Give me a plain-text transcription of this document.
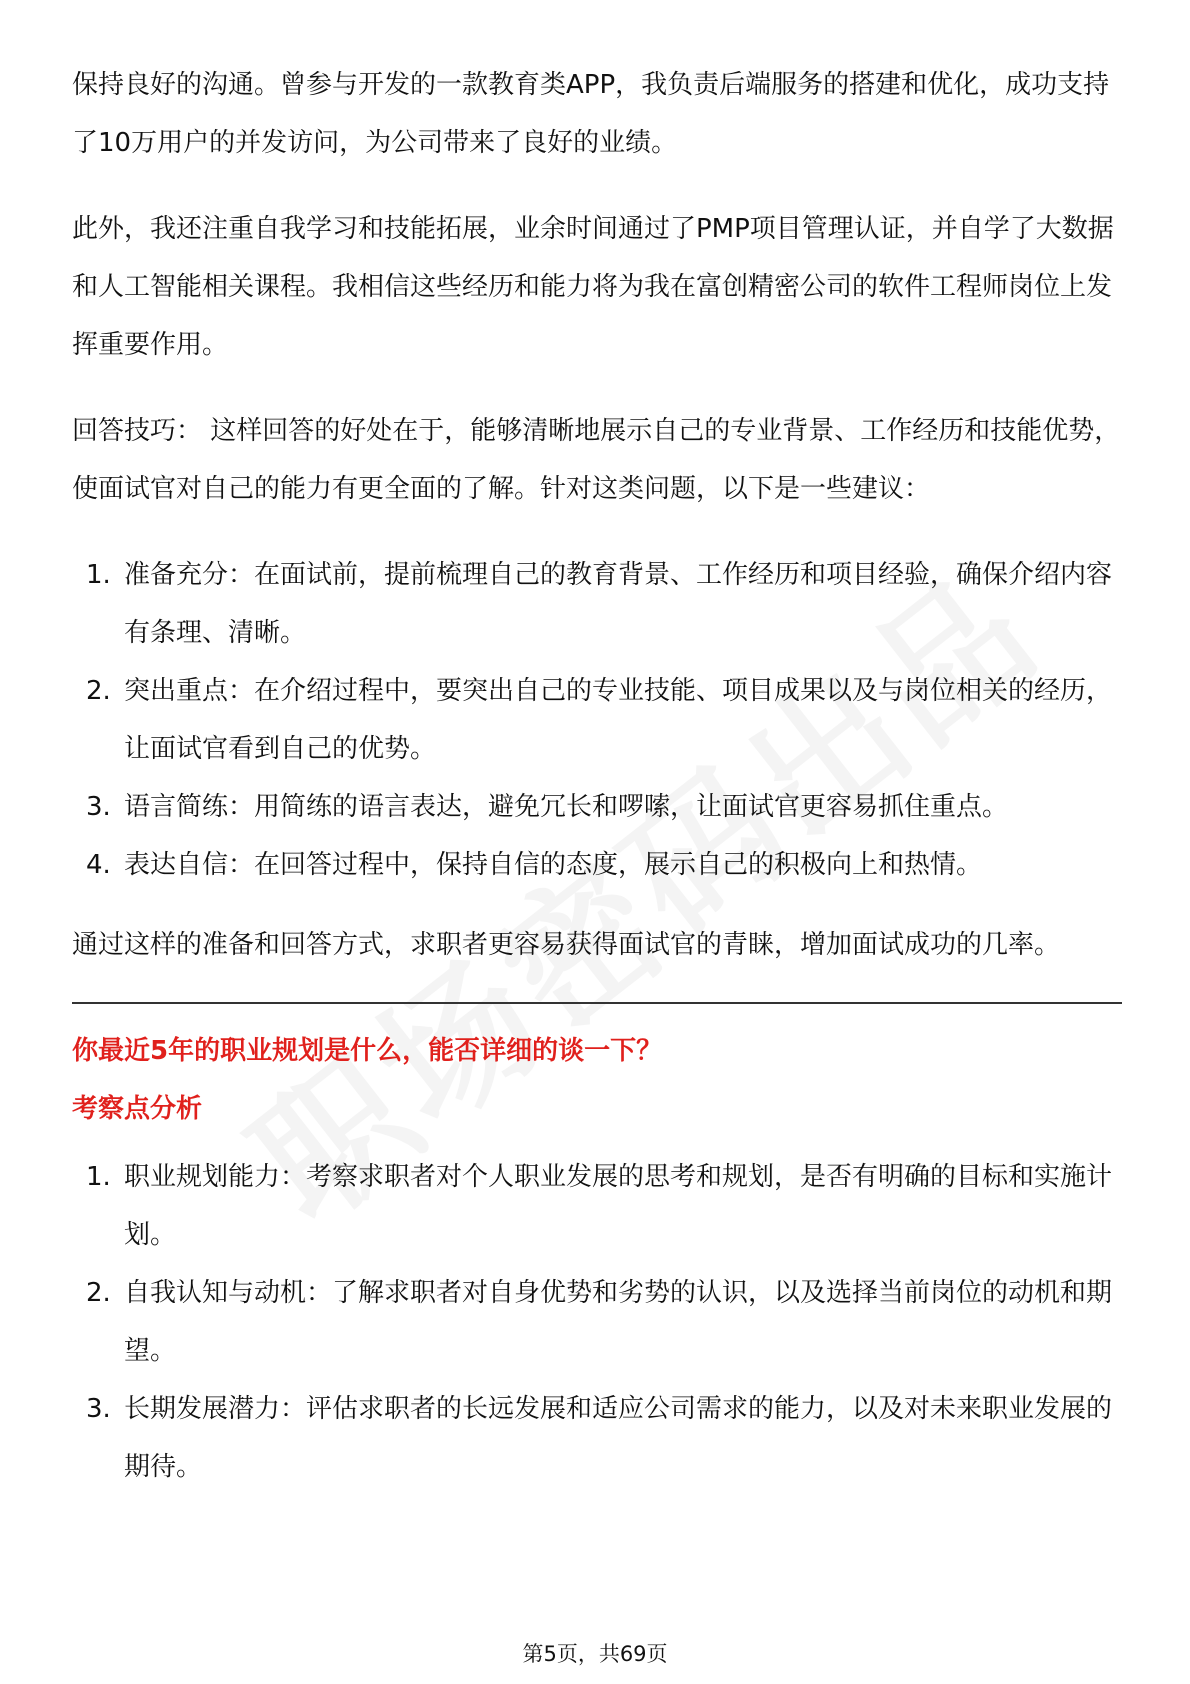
保持良好的沟通。曾参与开发的一款教育类APP，我负责后端服务的搭建和优化，成功支持了10万用户的并发访问，为公司带来了良好的业绩。

此外，我还注重自我学习和技能拓展，业余时间通过了PMP项目管理认证，并自学了大数据和人工智能相关课程。我相信这些经历和能力将为我在富创精密公司的软件工程师岗位上发挥重要作用。

回答技巧： 这样回答的好处在于，能够清晰地展示自己的专业背景、工作经历和技能优势，使面试官对自己的能力有更全面的了解。针对这类问题，以下是一些建议：

1. 准备充分：在面试前，提前梳理自己的教育背景、工作经历和项目经验，确保介绍内容有条理、清晰。
2. 突出重点：在介绍过程中，要突出自己的专业技能、项目成果以及与岗位相关的经历，让面试官看到自己的优势。
3. 语言简练：用简练的语言表达，避免冗长和啰嗦，让面试官更容易抓住重点。
4. 表达自信：在回答过程中，保持自信的态度，展示自己的积极向上和热情。

通过这样的准备和回答方式，求职者更容易获得面试官的青睐，增加面试成功的几率。

你最近5年的职业规划是什么，能否详细的谈一下？
考察点分析
1. 职业规划能力：考察求职者对个人职业发展的思考和规划，是否有明确的目标和实施计划。
2. 自我认知与动机：了解求职者对自身优势和劣势的认识，以及选择当前岗位的动机和期望。
3. 长期发展潜力：评估求职者的长远发展和适应公司需求的能力，以及对未来职业发展的期待。
第5页，共69页
